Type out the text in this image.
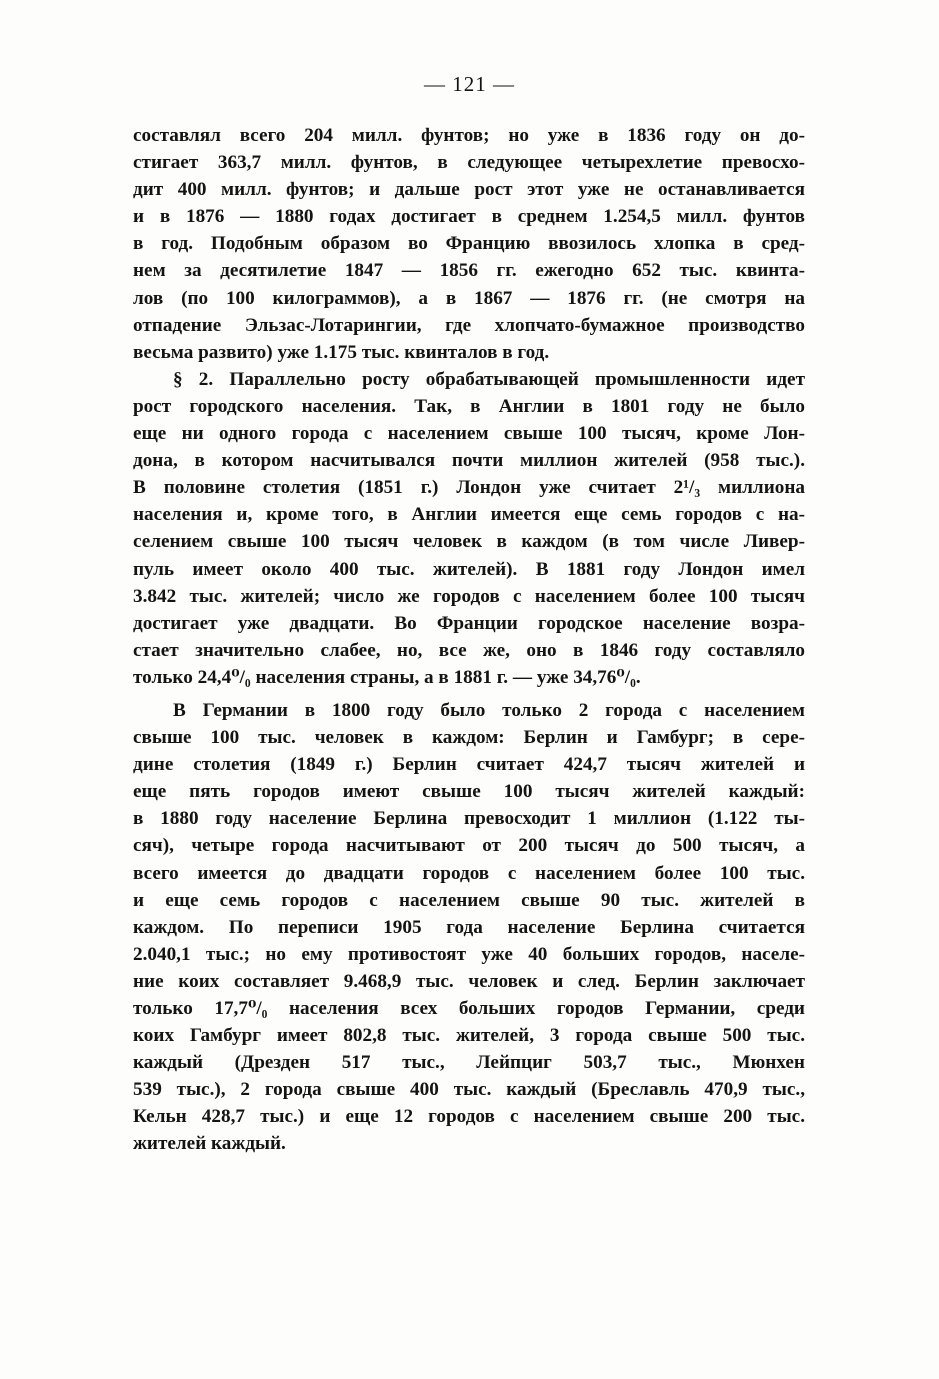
— 121 —
составлял всего 204 милл. фунтов; но уже в 1836 году он до-
стигает 363,7 милл. фунтов, в следующее четырехлетие превосхо-
дит 400 милл. фунтов; и дальше рост этот уже не останавливается
и в 1876 — 1880 годах достигает в среднем 1.254,5 милл. фунтов
в год. Подобным образом во Францию ввозилось хлопка в сред-
нем за десятилетие 1847 — 1856 гг. ежегодно 652 тыс. квинта-
лов (по 100 килограммов), а в 1867 — 1876 гг. (не смотря на
отпадение Эльзас-Лотарингии, где хлопчато-бумажное производство
весьма развито) уже 1.175 тыс. квинталов в год.
§ 2. Параллельно росту обрабатывающей промышленности идет
рост городского населения. Так, в Англии в 1801 году не было
еще ни одного города с населением свыше 100 тысяч, кроме Лон-
дона, в котором насчитывался почти миллион жителей (958 тыс.).
В половине столетия (1851 г.) Лондон уже считает 2¹/₃ миллиона
населения и, кроме того, в Англии имеется еще семь городов с на-
селением свыше 100 тысяч человек в каждом (в том числе Ливер-
пуль имеет около 400 тыс. жителей). В 1881 году Лондон имел
3.842 тыс. жителей; число же городов с населением более 100 тысяч
достигает уже двадцати. Во Франции городское население возра-
стает значительно слабее, но, все же, оно в 1846 году составляло
только 24,4⁰/₀ населения страны, а в 1881 г. — уже 34,76⁰/₀.
В Германии в 1800 году было только 2 города с населением
свыше 100 тыс. человек в каждом: Берлин и Гамбург; в сере-
дине столетия (1849 г.) Берлин считает 424,7 тысяч жителей и
еще пять городов имеют свыше 100 тысяч жителей каждый:
в 1880 году население Берлина превосходит 1 миллион (1.122 ты-
сяч), четыре города насчитывают от 200 тысяч до 500 тысяч, а
всего имеется до двадцати городов с населением более 100 тыс.
и еще семь городов с населением свыше 90 тыс. жителей в
каждом. По переписи 1905 года население Берлина считается
2.040,1 тыс.; но ему противостоят уже 40 больших городов, населе-
ние коих составляет 9.468,9 тыс. человек и след. Берлин заключает
только 17,7⁰/₀ населения всех больших городов Германии, среди
коих Гамбург имеет 802,8 тыс. жителей, 3 города свыше 500 тыс.
каждый (Дрезден 517 тыс., Лейпциг 503,7 тыс., Мюнхен
539 тыс.), 2 города свыше 400 тыс. каждый (Бреславль 470,9 тыс.,
Кельн 428,7 тыс.) и еще 12 городов с населением свыше 200 тыс.
жителей каждый.
